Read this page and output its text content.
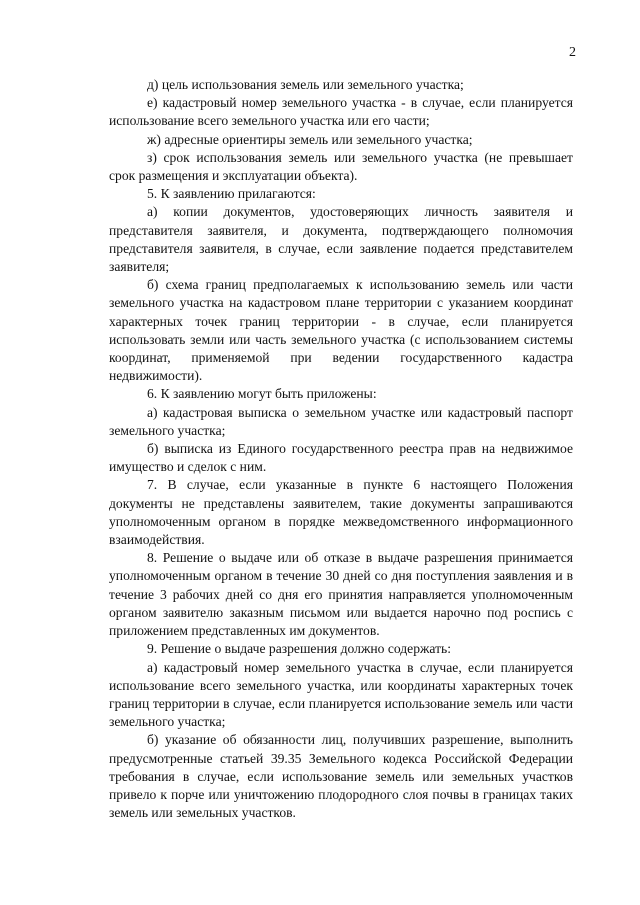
2

д) цель использования земель или земельного участка;

е) кадастровый номер земельного участка - в случае, если планируется использование всего земельного участка или его части;

ж) адресные ориентиры земель или земельного участка;

з) срок использования земель или земельного участка (не превышает срок размещения и эксплуатации объекта).

5. К заявлению прилагаются:

а) копии документов, удостоверяющих личность заявителя и представителя заявителя, и документа, подтверждающего полномочия представителя заявителя, в случае, если заявление подается представителем заявителя;

б) схема границ предполагаемых к использованию земель или части земельного участка на кадастровом плане территории с указанием координат характерных точек границ территории - в случае, если планируется использовать земли или часть земельного участка (с использованием системы координат, применяемой при ведении государственного кадастра недвижимости).

6. К заявлению могут быть приложены:

а) кадастровая выписка о земельном участке или кадастровый паспорт земельного участка;

б) выписка из Единого государственного реестра прав на недвижимое имущество и сделок с ним.

7. В случае, если указанные в пункте 6 настоящего Положения документы не представлены заявителем, такие документы запрашиваются уполномоченным органом в порядке межведомственного информационного взаимодействия.

8. Решение о выдаче или об отказе в выдаче разрешения принимается уполномоченным органом в течение 30 дней со дня поступления заявления и в течение 3 рабочих дней со дня его принятия направляется уполномоченным органом заявителю заказным письмом или выдается нарочно под роспись с приложением представленных им документов.

9. Решение о выдаче разрешения должно содержать:

а) кадастровый номер земельного участка в случае, если планируется использование всего земельного участка, или координаты характерных точек границ территории в случае, если планируется использование земель или части земельного участка;

б) указание об обязанности лиц, получивших разрешение, выполнить предусмотренные статьей 39.35 Земельного кодекса Российской Федерации требования в случае, если использование земель или земельных участков привело к порче или уничтожению плодородного слоя почвы в границах таких земель или земельных участков.
